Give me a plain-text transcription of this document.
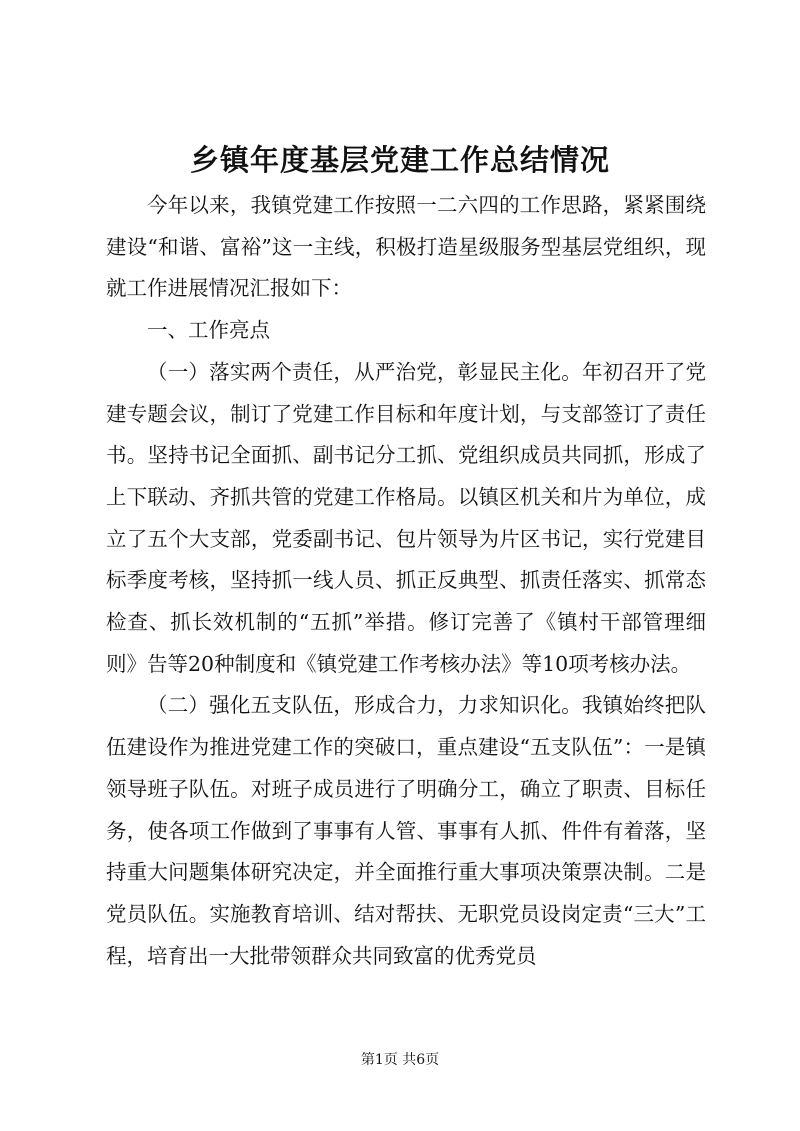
乡镇年度基层党建工作总结情况

今年以来，我镇党建工作按照一二六四的工作思路，紧紧围绕建设“和谐、富裕”这一主线，积极打造星级服务型基层党组织，现就工作进展情况汇报如下：

一、工作亮点

（一）落实两个责任，从严治党，彰显民主化。年初召开了党建专题会议，制订了党建工作目标和年度计划，与支部签订了责任书。坚持书记全面抓、副书记分工抓、党组织成员共同抓，形成了上下联动、齐抓共管的党建工作格局。以镇区机关和片为单位，成立了五个大支部，党委副书记、包片领导为片区书记，实行党建目标季度考核，坚持抓一线人员、抓正反典型、抓责任落实、抓常态检查、抓长效机制的“五抓”举措。修订完善了《镇村干部管理细则》告等20种制度和《镇党建工作考核办法》等10项考核办法。

（二）强化五支队伍，形成合力，力求知识化。我镇始终把队伍建设作为推进党建工作的突破口，重点建设“五支队伍”：一是镇领导班子队伍。对班子成员进行了明确分工，确立了职责、目标任务，使各项工作做到了事事有人管、事事有人抓、件件有着落，坚持重大问题集体研究决定，并全面推行重大事项决策票决制。二是党员队伍。实施教育培训、结对帮扶、无职党员设岗定责“三大”工程，培育出一大批带领群众共同致富的优秀党员

第1页 共6页
